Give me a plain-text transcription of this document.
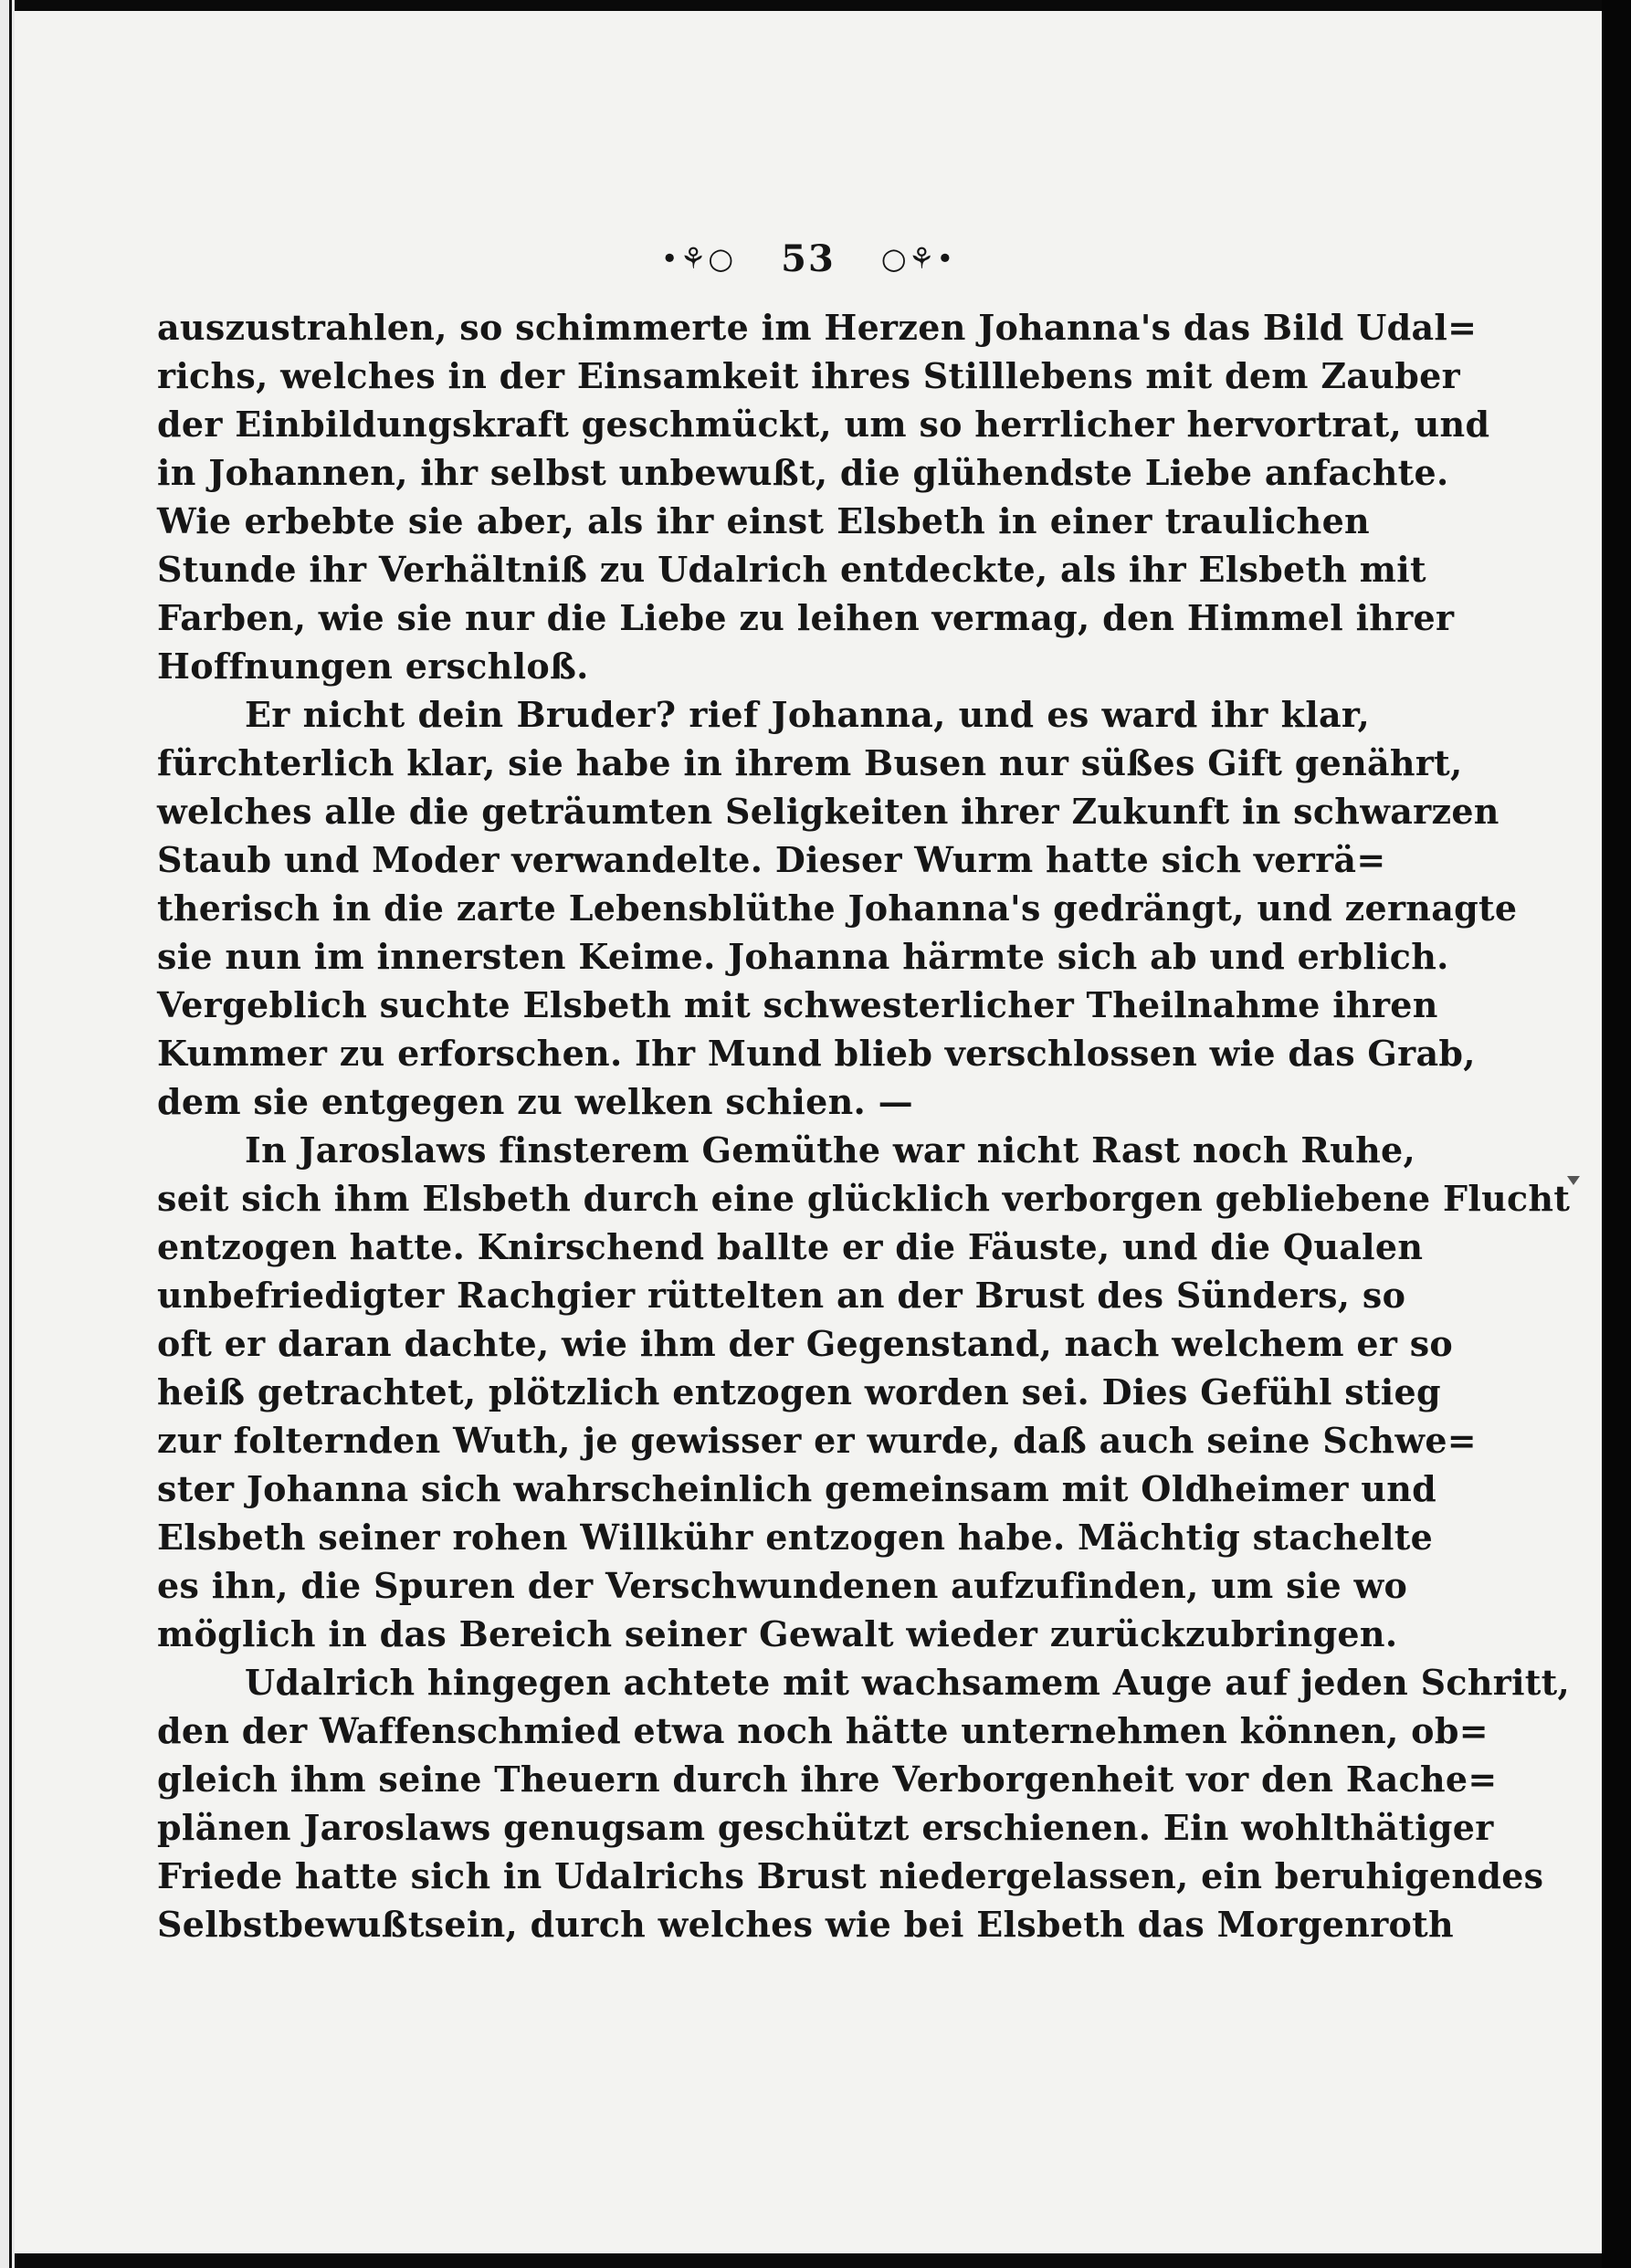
•⚘○ 53 ○⚘•
auszustrahlen, so schimmerte im Herzen Johanna's das Bild Udal=
richs, welches in der Einsamkeit ihres Stilllebens mit dem Zauber
der Einbildungskraft geschmückt, um so herrlicher hervortrat, und
in Johannen, ihr selbst unbewußt, die glühendste Liebe anfachte.
Wie erbebte sie aber, als ihr einst Elsbeth in einer traulichen
Stunde ihr Verhältniß zu Udalrich entdeckte, als ihr Elsbeth mit
Farben, wie sie nur die Liebe zu leihen vermag, den Himmel ihrer
Hoffnungen erschloß.
Er nicht dein Bruder? rief Johanna, und es ward ihr klar,
fürchterlich klar, sie habe in ihrem Busen nur süßes Gift genährt,
welches alle die geträumten Seligkeiten ihrer Zukunft in schwarzen
Staub und Moder verwandelte. Dieser Wurm hatte sich verrä=
therisch in die zarte Lebensblüthe Johanna's gedrängt, und zernagte
sie nun im innersten Keime. Johanna härmte sich ab und erblich.
Vergeblich suchte Elsbeth mit schwesterlicher Theilnahme ihren
Kummer zu erforschen. Ihr Mund blieb verschlossen wie das Grab,
dem sie entgegen zu welken schien. —
In Jaroslaws finsterem Gemüthe war nicht Rast noch Ruhe,
seit sich ihm Elsbeth durch eine glücklich verborgen gebliebene Flucht
entzogen hatte. Knirschend ballte er die Fäuste, und die Qualen
unbefriedigter Rachgier rüttelten an der Brust des Sünders, so
oft er daran dachte, wie ihm der Gegenstand, nach welchem er so
heiß getrachtet, plötzlich entzogen worden sei. Dies Gefühl stieg
zur folternden Wuth, je gewisser er wurde, daß auch seine Schwe=
ster Johanna sich wahrscheinlich gemeinsam mit Oldheimer und
Elsbeth seiner rohen Willkühr entzogen habe. Mächtig stachelte
es ihn, die Spuren der Verschwundenen aufzufinden, um sie wo
möglich in das Bereich seiner Gewalt wieder zurückzubringen.
Udalrich hingegen achtete mit wachsamem Auge auf jeden Schritt,
den der Waffenschmied etwa noch hätte unternehmen können, ob=
gleich ihm seine Theuern durch ihre Verborgenheit vor den Rache=
plänen Jaroslaws genugsam geschützt erschienen. Ein wohlthätiger
Friede hatte sich in Udalrichs Brust niedergelassen, ein beruhigendes
Selbstbewußtsein, durch welches wie bei Elsbeth das Morgenroth
